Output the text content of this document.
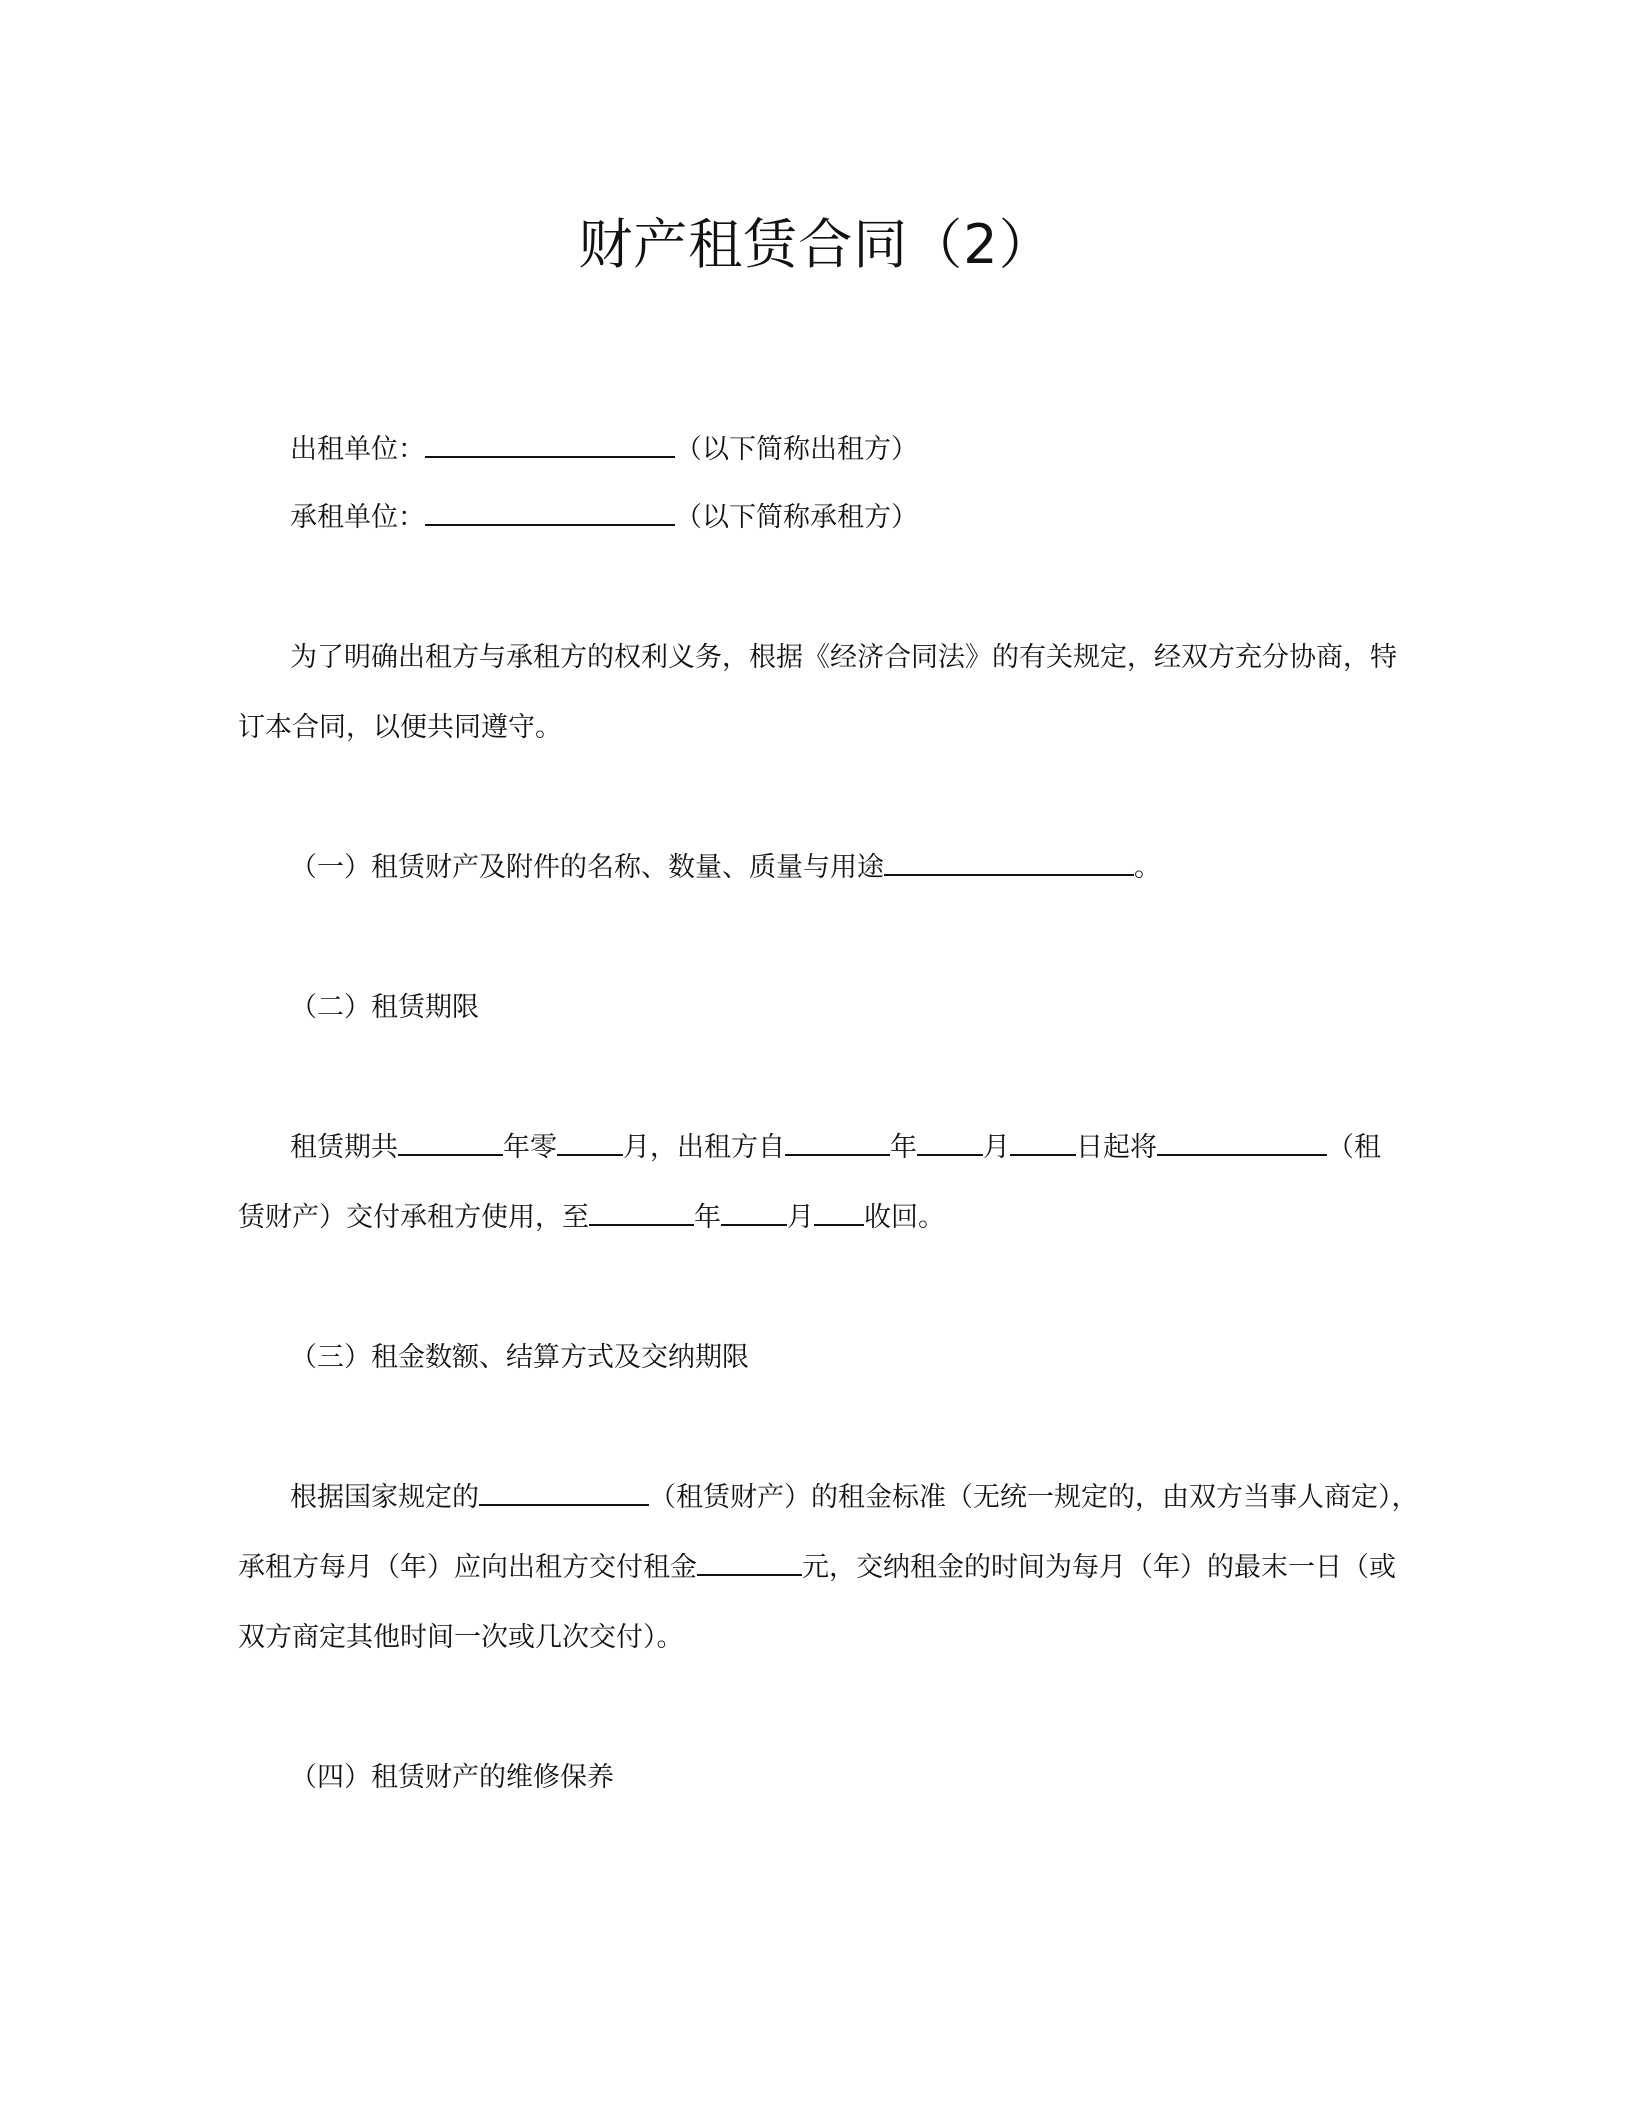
财产租赁合同（2）
出租单位：	（以下简称出租方）
承租单位：	（以下简称承租方）
为了明确出租方与承租方的权利义务，根据《经济合同法》的有关规定，经双方充分协商，特
订本合同，以便共同遵守。
（一）租赁财产及附件的名称、数量、质量与用途	。
（二）租赁期限
租赁期共	年零 月，出租方自	年 月 日起将	（租
赁财产）交付承租方使用，至	年 月 收回。
（三）租金数额、结算方式及交纳期限
根据国家规定的	（租赁财产）的租金标准（无统一规定的，由双方当事人商定），
承租方每月（年）应向出租方交付租金	元，交纳租金的时间为每月（年）的最末一日（或
双方商定其他时间一次或几次交付）。
（四）租赁财产的维修保养
